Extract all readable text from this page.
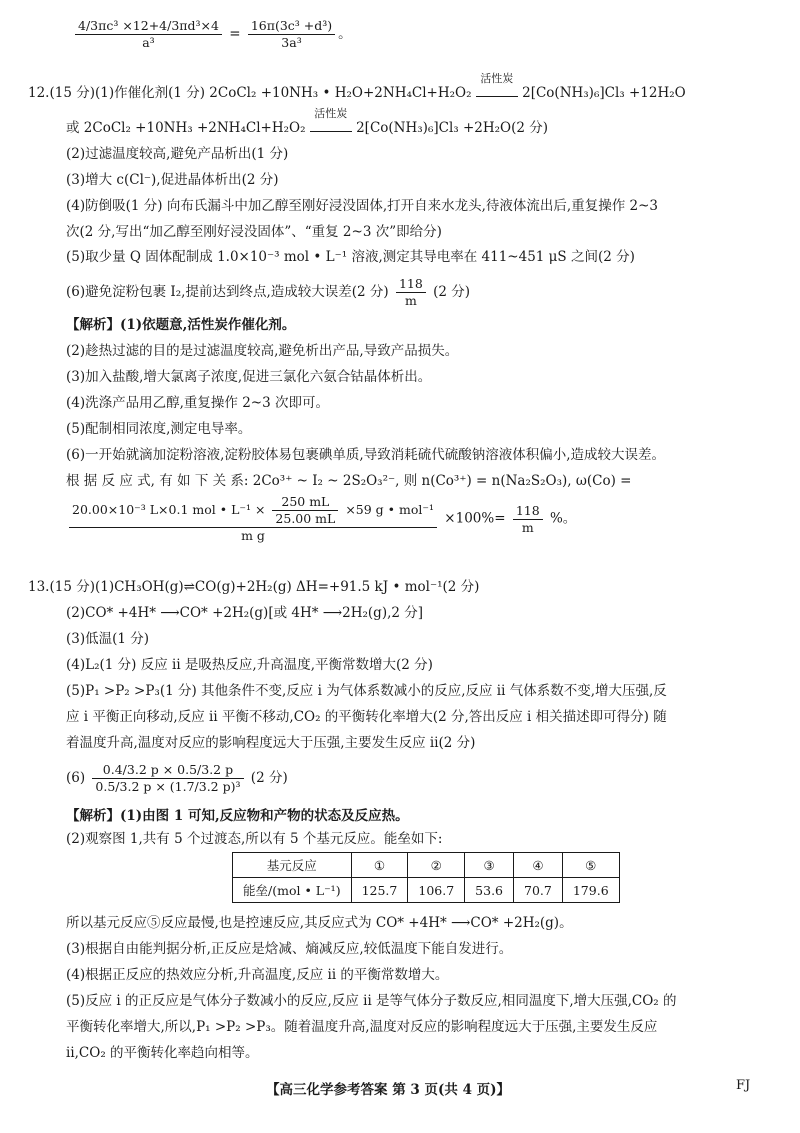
$\frac{\text{4/3πc³ ×12+4/3πd³×4}}{\text{a³}} = \frac{\text{16π(3c³ +d³)}}{\text{3a³}}$ 。
12.(15 分)(1)作催化剂(1 分) 2CoCl₂ +10NH₃ • H₂O+2NH₄Cl+H₂O₂
活性炭
2[Co(NH₃)₆]Cl₃ +12H₂O
或 2CoCl₂ +10NH₃ +2NH₄Cl+H₂O₂
活性炭
2[Co(NH₃)₆]Cl₃ +2H₂O(2 分)
(2)过滤温度较高,避免产品析出(1 分)
(3)增大 c(Cl⁻),促进晶体析出(2 分)
(4)防倒吸(1 分) 向布氏漏斗中加乙醇至刚好浸没固体,打开自来水龙头,待液体流出后,重复操作 2~3
次(2 分,写出“加乙醇至刚好浸没固体”、“重复 2~3 次”即给分)
(5)取少量 Q 固体配制成 1.0×10⁻³ mol • L⁻¹ 溶液,测定其导电率在 411~451 μS 之间(2 分)
(6)避免淀粉包裹 I₂,提前达到终点,造成较大误差(2 分) $\frac{118}{m} (2$ 分)
【解析】(1)依题意,活性炭作催化剂。
(2)趁热过滤的目的是过滤温度较高,避免析出产品,导致产品损失。
(3)加入盐酸,增大氯离子浓度,促进三氯化六氨合钴晶体析出。
(4)洗涤产品用乙醇,重复操作 2~3 次即可。
(5)配制相同浓度,测定电导率。
(6)一开始就滴加淀粉溶液,淀粉胶体易包裹碘单质,导致消耗硫代硫酸钠溶液体积偏小,造成较大误差。
根 据 反 应 式, 有 如 下 关 系: 2Co³⁺ ~ I₂ ~ 2S₂O₃²⁻, 则 n(Co³⁺) = n(Na₂S₂O₃), ω(Co) =
20.00×10⁻³ L×0.1 mol • $L^{-1} \times \frac{250 mL}{25.00 mL} \times 59$ g • mol⁻¹
m g
$\times 100\%= \frac{118}{m}$ %。
13.(15 分)(1)CH₃OH(g)⇌CO(g)+2H₂(g) ΔH=+91.5 kJ • mol⁻¹(2 分)
(2)CO* +4H* ⟶CO* +2H₂(g)[或 4H* ⟶2H₂(g),2 分]
(3)低温(1 分)
(4)L₂(1 分) 反应 ⅱ 是吸热反应,升高温度,平衡常数增大(2 分)
(5)P₁ >P₂ >P₃(1 分) 其他条件不变,反应 ⅰ 为气体系数减小的反应,反应 ⅱ 气体系数不变,增大压强,反
应 ⅰ 平衡正向移动,反应 ⅱ 平衡不移动,CO₂ 的平衡转化率增大(2 分,答出反应 ⅰ 相关描述即可得分) 随
着温度升高,温度对反应的影响程度远大于压强,主要发生反应 ⅱ(2 分)
$(6) \frac{0.4/3.2 p \times 0.5/3.2 p}{\text{0.5/3.2 p × (1.7/3.2 p)³}} (2$ 分)
【解析】(1)由图 1 可知,反应物和产物的状态及反应热。
(2)观察图 1,共有 5 个过渡态,所以有 5 个基元反应。能垒如下:
基元反应	①	②	③	④	⑤
能垒/(mol • L⁻¹)	125.7	106.7	53.6	70.7	179.6
所以基元反应⑤反应最慢,也是控速反应,其反应式为 CO* +4H* ⟶CO* +2H₂(g)。
(3)根据自由能判据分析,正反应是焓减、熵减反应,较低温度下能自发进行。
(4)根据正反应的热效应分析,升高温度,反应 ⅱ 的平衡常数增大。
(5)反应 ⅰ 的正反应是气体分子数减小的反应,反应 ⅱ 是等气体分子数反应,相同温度下,增大压强,CO₂ 的
平衡转化率增大,所以,P₁ >P₂ >P₃。随着温度升高,温度对反应的影响程度远大于压强,主要发生反应
ⅱ,CO₂ 的平衡转化率趋向相等。
【高三化学参考答案 第 3 页(共 4 页)】	FJ
